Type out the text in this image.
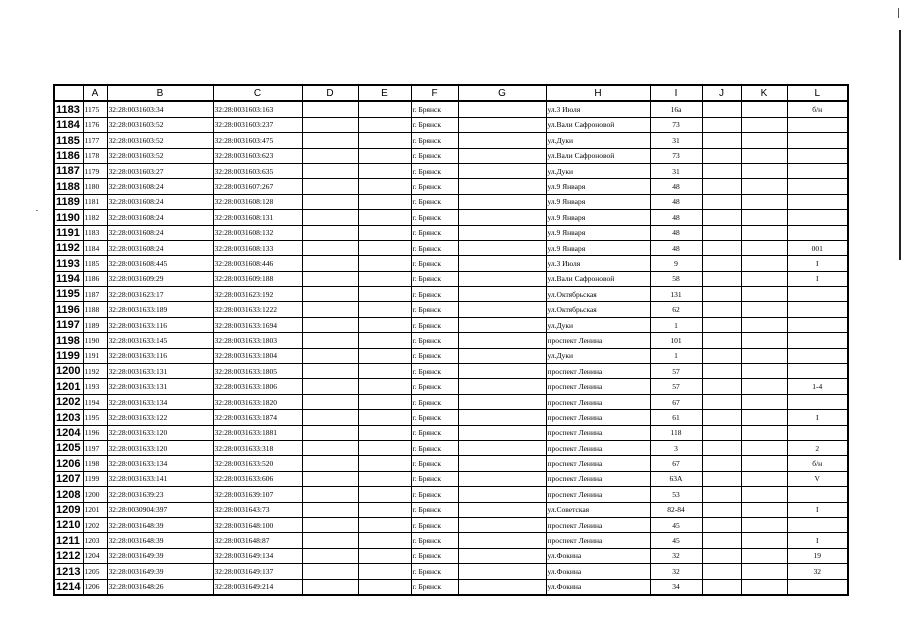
	A	B	C	D	E	F	G	H	I	J	K	L
1183	1175	32:28:0031603:34	32:28:0031603:163			г. Брянск		ул.3 Июля	16а			б/н
1184	1176	32:28:0031603:52	32:28:0031603:237			г. Брянск		ул.Вали Сафроновой	73			
1185	1177	32:28:0031603:52	32:28:0031603:475			г. Брянск		ул.Дуки	31			
1186	1178	32:28:0031603:52	32:28:0031603:623			г. Брянск		ул.Вали Сафроновой	73			
1187	1179	32:28:0031603:27	32:28:0031603:635			г. Брянск		ул.Дуки	31			
1188	1180	32:28:0031608:24	32:28:0031607:267			г. Брянск		ул.9 Января	48			
1189	1181	32:28:0031608:24	32:28:0031608:128			г. Брянск		ул.9 Января	48			
1190	1182	32:28:0031608:24	32:28:0031608:131			г. Брянск		ул.9 Января	48			
1191	1183	32:28:0031608:24	32:28:0031608:132			г. Брянск		ул.9 Января	48			
1192	1184	32:28:0031608:24	32:28:0031608:133			г. Брянск		ул.9 Января	48			001
1193	1185	32:28:0031608:445	32:28:0031608:446			г. Брянск		ул.3 Июля	9			I
1194	1186	32:28:0031609:29	32:28:0031609:188			г. Брянск		ул.Вали Сафроновой	58			I
1195	1187	32:28:0031623:17	32:28:0031623:192			г. Брянск		ул.Октябрьская	131			
1196	1188	32:28:0031633:189	32:28:0031633:1222			г. Брянск		ул.Октябрьская	62			
1197	1189	32:28:0031633:116	32:28:0031633:1694			г. Брянск		ул.Дуки	1			
1198	1190	32:28:0031633:145	32:28:0031633:1803			г. Брянск		проспект Ленина	101			
1199	1191	32:28:0031633:116	32:28:0031633:1804			г. Брянск		ул.Дуки	1			
1200	1192	32:28:0031633:131	32:28:0031633:1805			г. Брянск		проспект Ленина	57			
1201	1193	32:28:0031633:131	32:28:0031633:1806			г. Брянск		проспект Ленина	57			1-4
1202	1194	32:28:0031633:134	32:28:0031633:1820			г. Брянск		проспект Ленина	67			
1203	1195	32:28:0031633:122	32:28:0031633:1874			г. Брянск		проспект Ленина	61			I
1204	1196	32:28:0031633:120	32:28:0031633:1881			г. Брянск		проспект Ленина	118			
1205	1197	32:28:0031633:120	32:28:0031633:318			г. Брянск		проспект Ленина	3			2
1206	1198	32:28:0031633:134	32:28:0031633:520			г. Брянск		проспект Ленина	67			б/н
1207	1199	32:28:0031633:141	32:28:0031633:606			г. Брянск		проспект Ленина	63А			V
1208	1200	32:28:0031639:23	32:28:0031639:107			г. Брянск		проспект Ленина	53			
1209	1201	32:28:0030904:397	32:28:0031643:73			г. Брянск		ул.Советская	82-84			I
1210	1202	32:28:0031648:39	32:28:0031648:100			г. Брянск		проспект Ленина	45			
1211	1203	32:28:0031648:39	32:28:0031648:87			г. Брянск		проспект Ленина	45			I
1212	1204	32:28:0031649:39	32:28:0031649:134			г. Брянск		ул.Фокина	32			19
1213	1205	32:28:0031649:39	32:28:0031649:137			г. Брянск		ул.Фокина	32			32
1214	1206	32:28:0031648:26	32:28:0031649:214			г. Брянск		ул.Фокина	34			
